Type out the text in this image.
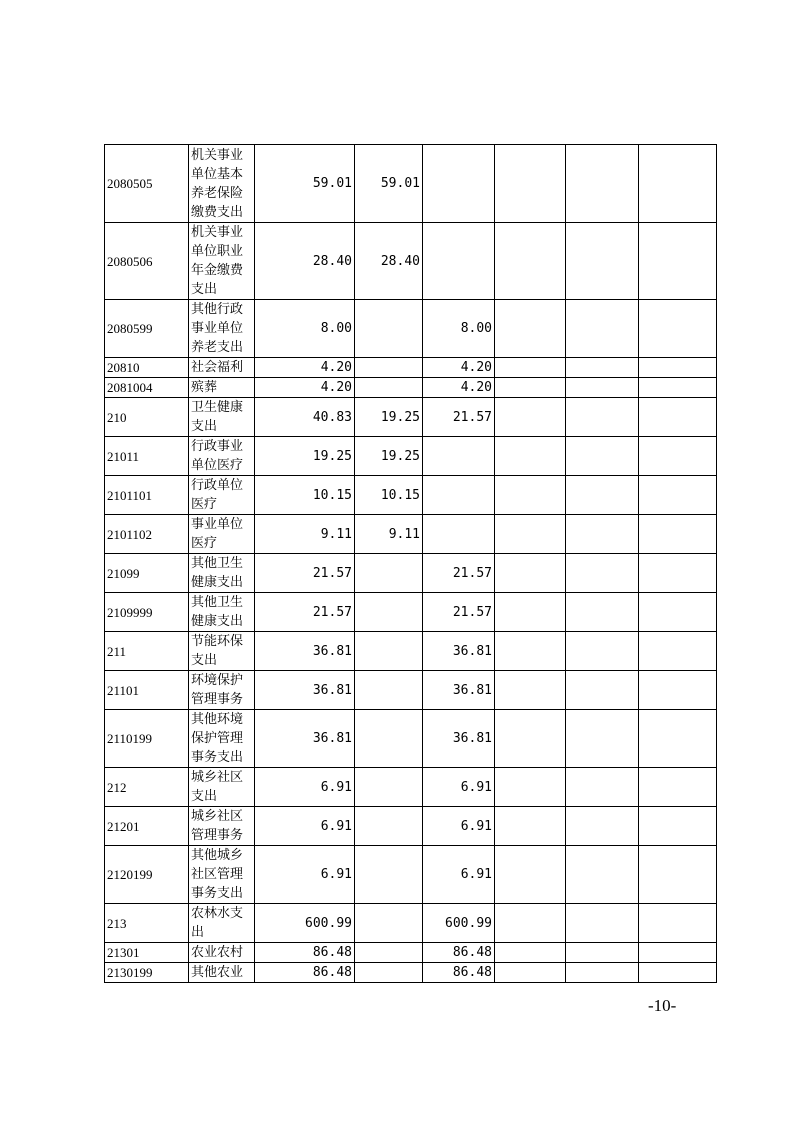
2080505	机关事业单位基本养老保险缴费支出	59.01	59.01				
2080506	机关事业单位职业年金缴费支出	28.40	28.40				
2080599	其他行政事业单位养老支出	8.00		8.00			
20810	社会福利	4.20		4.20			
2081004	殡葬	4.20		4.20			
210	卫生健康支出	40.83	19.25	21.57			
21011	行政事业单位医疗	19.25	19.25				
2101101	行政单位医疗	10.15	10.15				
2101102	事业单位医疗	9.11	9.11				
21099	其他卫生健康支出	21.57		21.57			
2109999	其他卫生健康支出	21.57		21.57			
211	节能环保支出	36.81		36.81			
21101	环境保护管理事务	36.81		36.81			
2110199	其他环境保护管理事务支出	36.81		36.81			
212	城乡社区支出	6.91		6.91			
21201	城乡社区管理事务	6.91		6.91			
2120199	其他城乡社区管理事务支出	6.91		6.91			
213	农林水支出	600.99		600.99			
21301	农业农村	86.48		86.48			
2130199	其他农业	86.48		86.48			
-10-
